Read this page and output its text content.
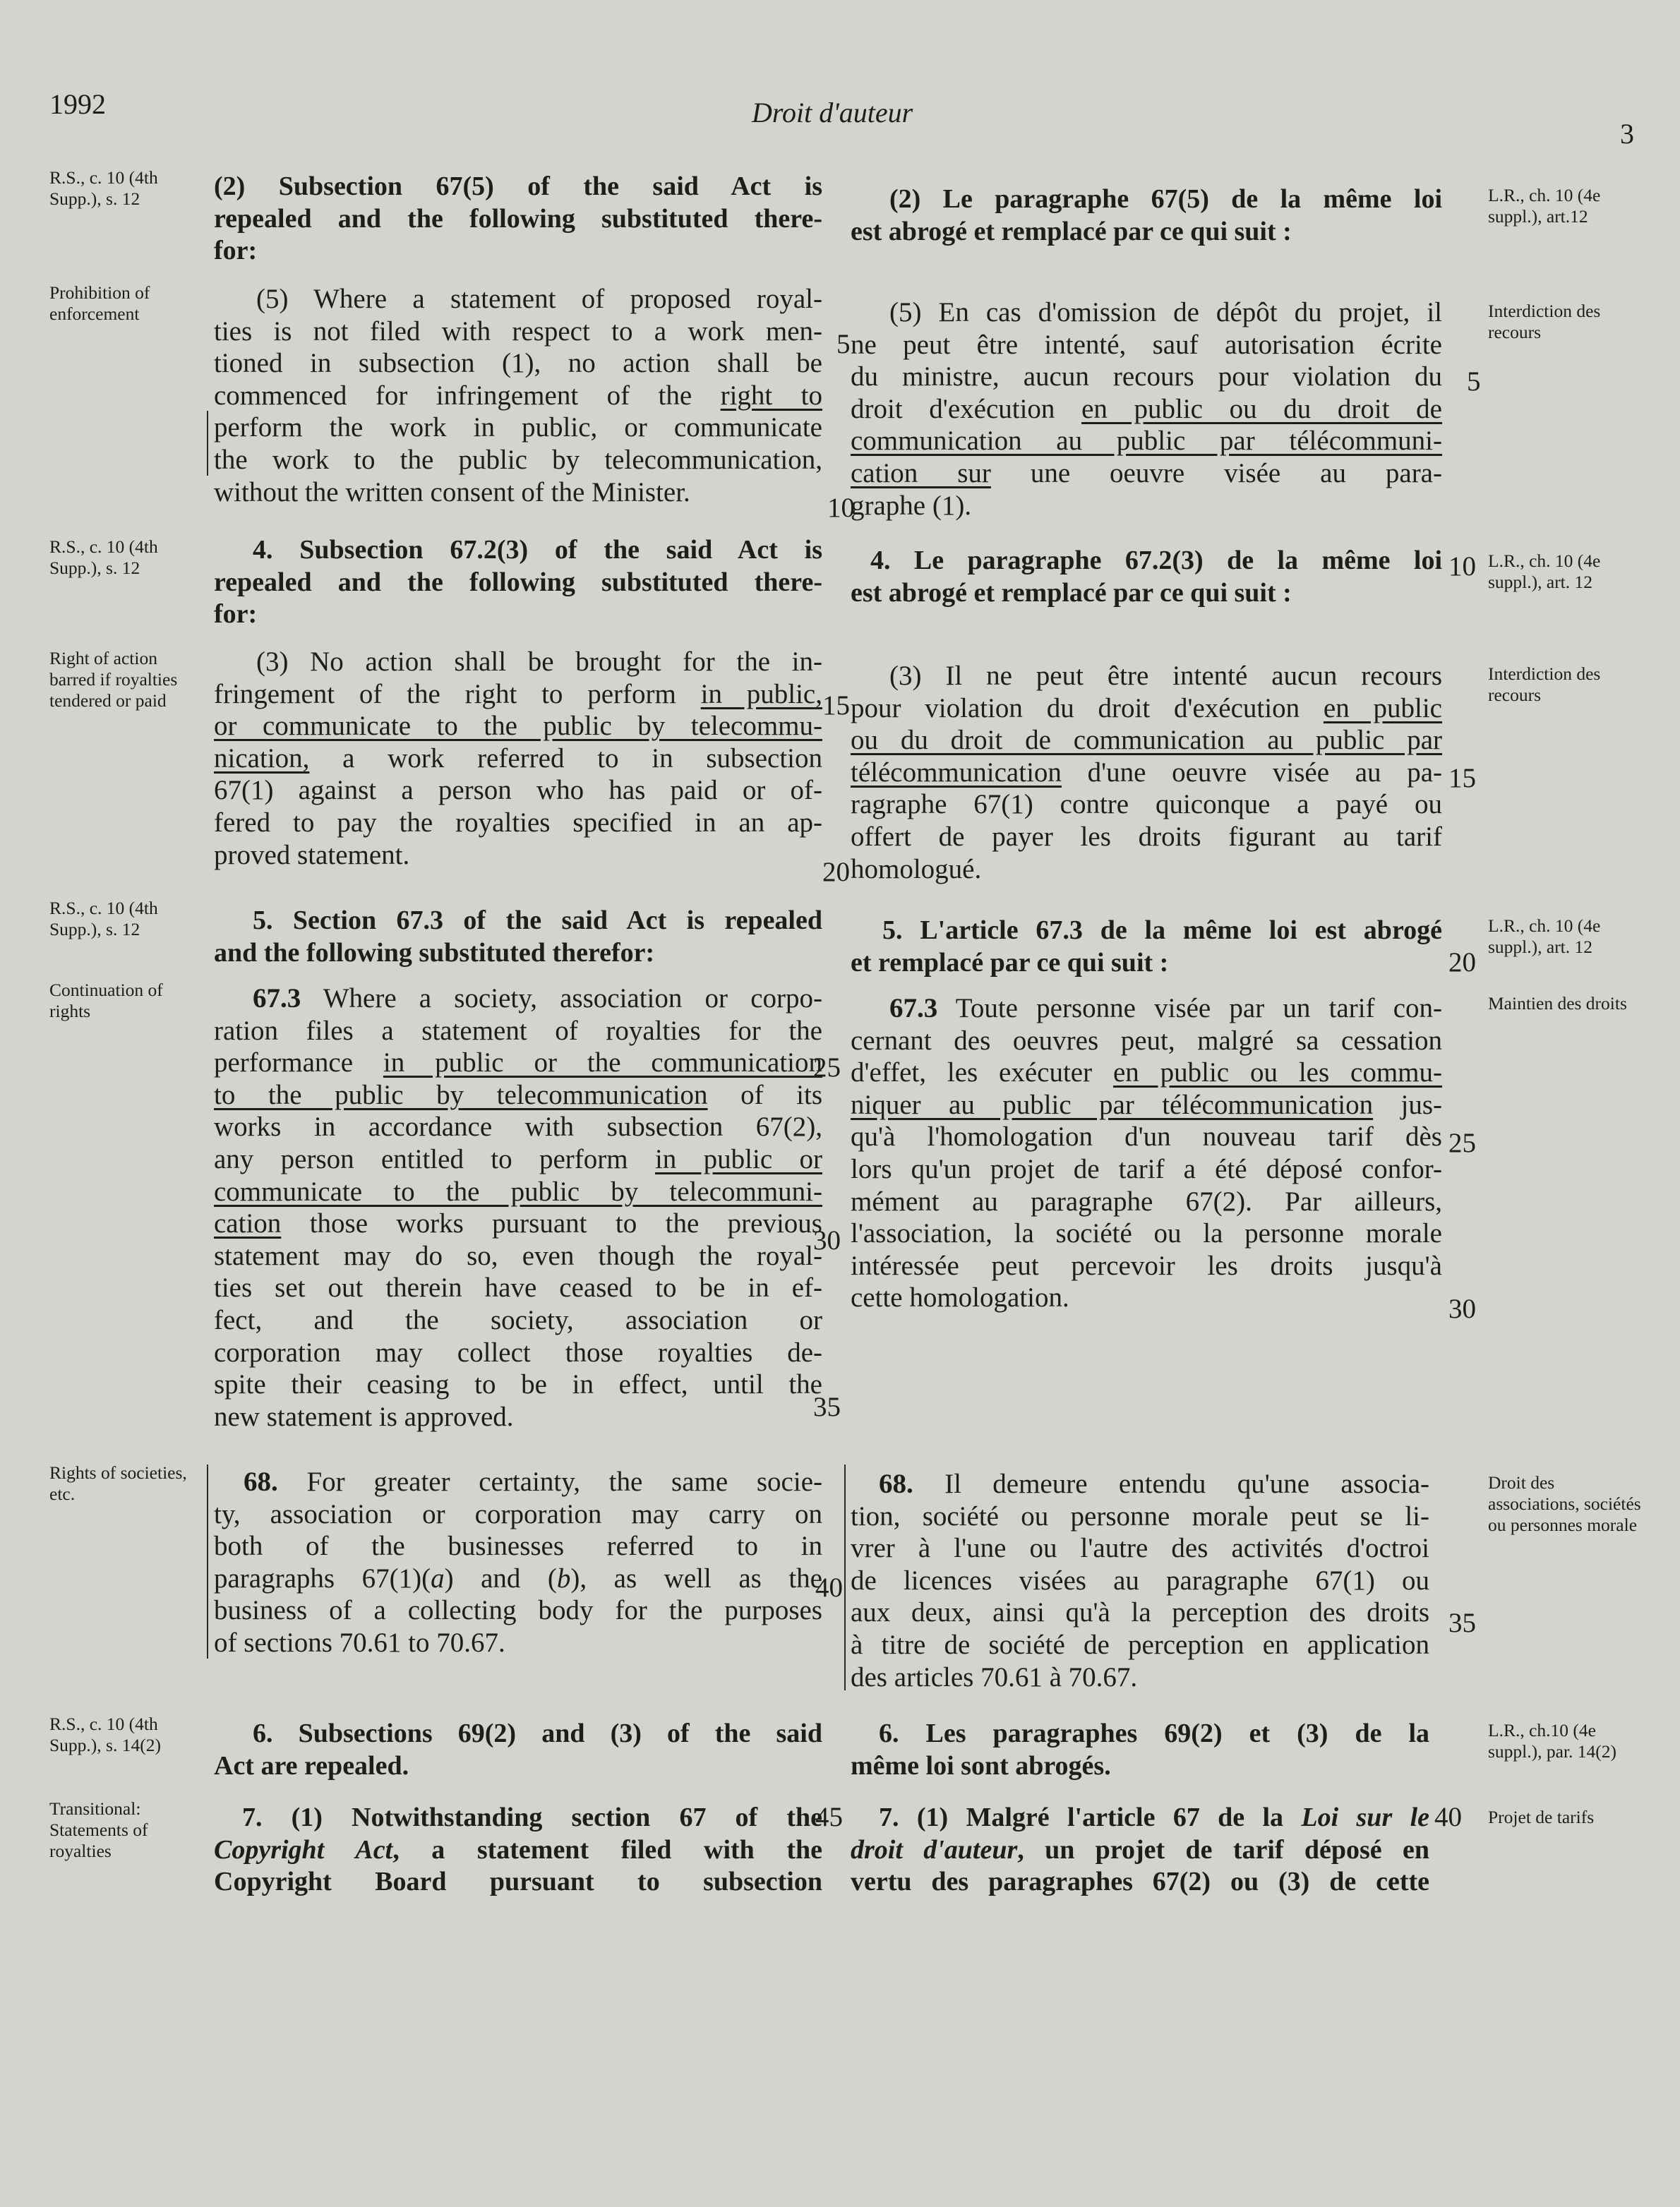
1992	Droit d'auteur
3
R.S., c. 10 (4th Supp.), s. 12
Prohibition of enforcement
R.S., c. 10 (4th Supp.), s. 12
Right of action barred if royalties tendered or paid
R.S., c. 10 (4th Supp.), s. 12
Continuation of rights
Rights of societies, etc.
R.S., c. 10 (4th Supp.), s. 14(2)
Transitional: Statements of royalties
L.R., ch. 10 (4e suppl.), art.12
Interdiction des recours
L.R., ch. 10 (4e suppl.), art. 12
Interdiction des recours
L.R., ch. 10 (4e suppl.), art. 12
Maintien des droits
Droit des associations, sociétés ou personnes morale
L.R., ch.10 (4e suppl.), par. 14(2)
Projet de tarifs
5
10
15
20
25
30
35
40
45
5
10
15
20
25
30
35
40
(2) Subsection 67(5) of the said Act is
repealed and the following substituted there-
for:
(5) Where a statement of proposed royal-
ties is not filed with respect to a work men-
tioned in subsection (1), no action shall be
commenced for infringement of the right to
perform the work in public, or communicate
the work to the public by telecommunication,
without the written consent of the Minister.
4. Subsection 67.2(3) of the said Act is
repealed and the following substituted there-
for:
(3) No action shall be brought for the in-
fringement of the right to perform in public,
or communicate to the public by telecommu-
nication, a work referred to in subsection
67(1) against a person who has paid or of-
fered to pay the royalties specified in an ap-
proved statement.
5. Section 67.3 of the said Act is repealed
and the following substituted therefor:
67.3 Where a society, association or corpo-
ration files a statement of royalties for the
performance in public or the communication
to the public by telecommunication of its
works in accordance with subsection 67(2),
any person entitled to perform in public or
communicate to the public by telecommuni-
cation those works pursuant to the previous
statement may do so, even though the royal-
ties set out therein have ceased to be in ef-
fect, and the society, association or
corporation may collect those royalties de-
spite their ceasing to be in effect, until the
new statement is approved.
68. For greater certainty, the same socie-
ty, association or corporation may carry on
both of the businesses referred to in
paragraphs 67(1)(a) and (b), as well as the
business of a collecting body for the purposes
of sections 70.61 to 70.67.
6. Subsections 69(2) and (3) of the said
Act are repealed.
7. (1) Notwithstanding section 67 of the
Copyright Act, a statement filed with the
Copyright Board pursuant to subsection
(2) Le paragraphe 67(5) de la même loi
est abrogé et remplacé par ce qui suit :
(5) En cas d'omission de dépôt du projet, il
ne peut être intenté, sauf autorisation écrite
du ministre, aucun recours pour violation du
droit d'exécution en public ou du droit de
communication au public par télécommuni-
cation sur une oeuvre visée au para-
graphe (1).
4. Le paragraphe 67.2(3) de la même loi
est abrogé et remplacé par ce qui suit :
(3) Il ne peut être intenté aucun recours
pour violation du droit d'exécution en public
ou du droit de communication au public par
télécommunication d'une oeuvre visée au pa-
ragraphe 67(1) contre quiconque a payé ou
offert de payer les droits figurant au tarif
homologué.
5. L'article 67.3 de la même loi est abrogé
et remplacé par ce qui suit :
67.3 Toute personne visée par un tarif con-
cernant des oeuvres peut, malgré sa cessation
d'effet, les exécuter en public ou les commu-
niquer au public par télécommunication jus-
qu'à l'homologation d'un nouveau tarif dès
lors qu'un projet de tarif a été déposé confor-
mément au paragraphe 67(2). Par ailleurs,
l'association, la société ou la personne morale
intéressée peut percevoir les droits jusqu'à
cette homologation.
68. Il demeure entendu qu'une associa-
tion, société ou personne morale peut se li-
vrer à l'une ou l'autre des activités d'octroi
de licences visées au paragraphe 67(1) ou
aux deux, ainsi qu'à la perception des droits
à titre de société de perception en application
des articles 70.61 à 70.67.
6. Les paragraphes 69(2) et (3) de la
même loi sont abrogés.
7. (1) Malgré l'article 67 de la Loi sur le
droit d'auteur, un projet de tarif déposé en
vertu des paragraphes 67(2) ou (3) de cette
